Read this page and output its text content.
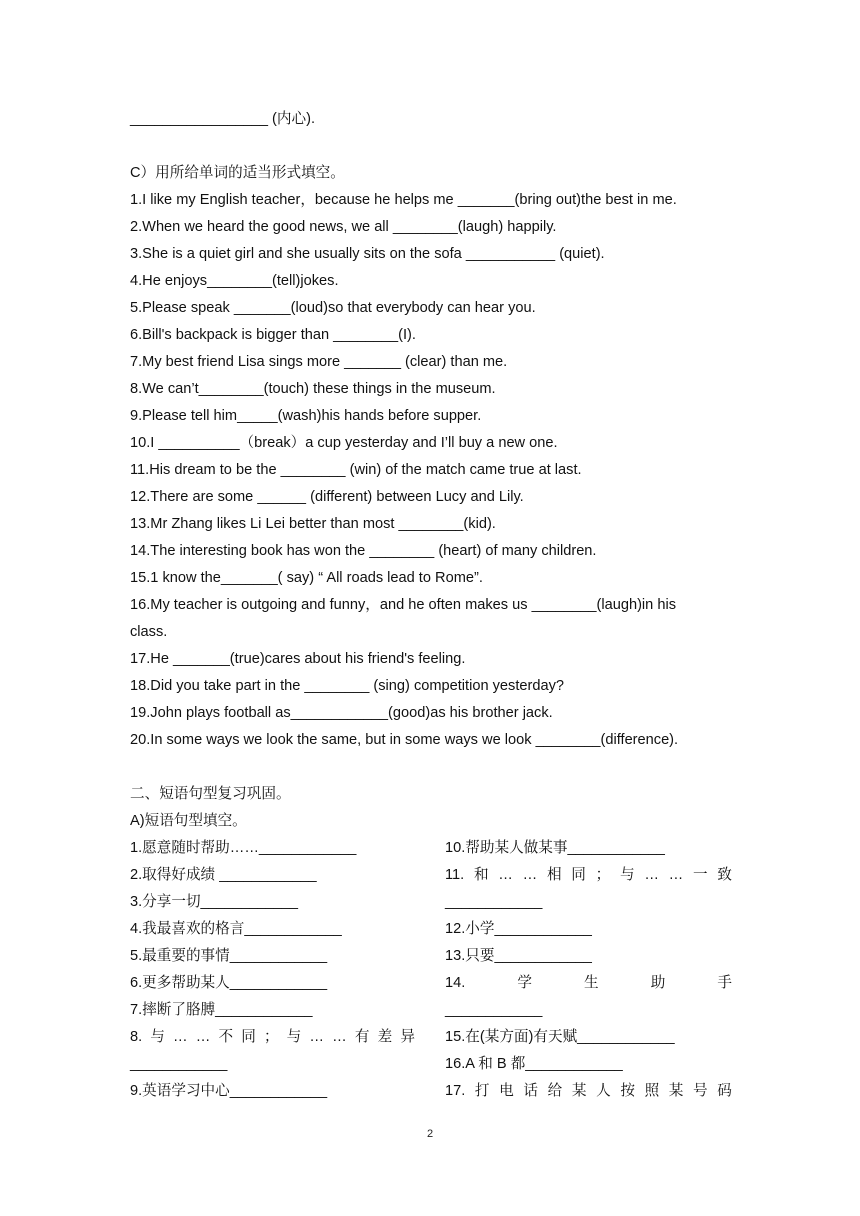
_________________ (内心).
C）用所给单词的适当形式填空。
1.I like my English teacher，because he helps me _______(bring out)the best in me.
2.When we heard the good news, we all ________(laugh) happily.
3.She is a quiet girl and she usually sits on the sofa ___________ (quiet).
4.He enjoys________(tell)jokes.
5.Please speak _______(loud)so that everybody can hear you.
6.Bill's backpack is bigger than ________(I).
7.My best friend Lisa sings more _______ (clear) than me.
8.We can’t________(touch) these things in the museum.
9.Please tell him_____(wash)his hands before supper.
10.I __________（break）a cup yesterday and I’ll buy a new one.
11.His dream to be the ________ (win) of the match came true at last.
12.There are some ______ (different) between Lucy and Lily.
13.Mr Zhang likes Li Lei better than most ________(kid).
14.The interesting book has won the ________ (heart) of many children.
15.1 know the_______( say) “ All roads lead to Rome”.
16.My teacher is outgoing and funny，and he often makes us ________(laugh)in his
class.
17.He _______(true)cares about his friend's feeling.
18.Did you take part in the ________ (sing) competition yesterday?
19.John plays football as____________(good)as his brother jack.
20.In some ways we look the same, but in some ways we look ________(difference).
二、短语句型复习巩固。
A)短语句型填空。
1.愿意随时帮助……____________
2.取得好成绩 ____________
3.分享一切____________
4.我最喜欢的格言____________
5.最重要的事情____________
6.更多帮助某人____________
7.摔断了胳膊____________
8. 与 … … 不 同 ； 与 … … 有 差 异
____________
9.英语学习中心____________
10.帮助某人做某事____________
11. 和 … … 相 同 ； 与 … … 一 致
____________
12.小学____________
13.只要____________
14.	学	生	助	手
____________
15.在(某方面)有天赋____________
16.A 和 B 都____________
17. 打 电 话 给 某 人 按 照 某 号 码
2
